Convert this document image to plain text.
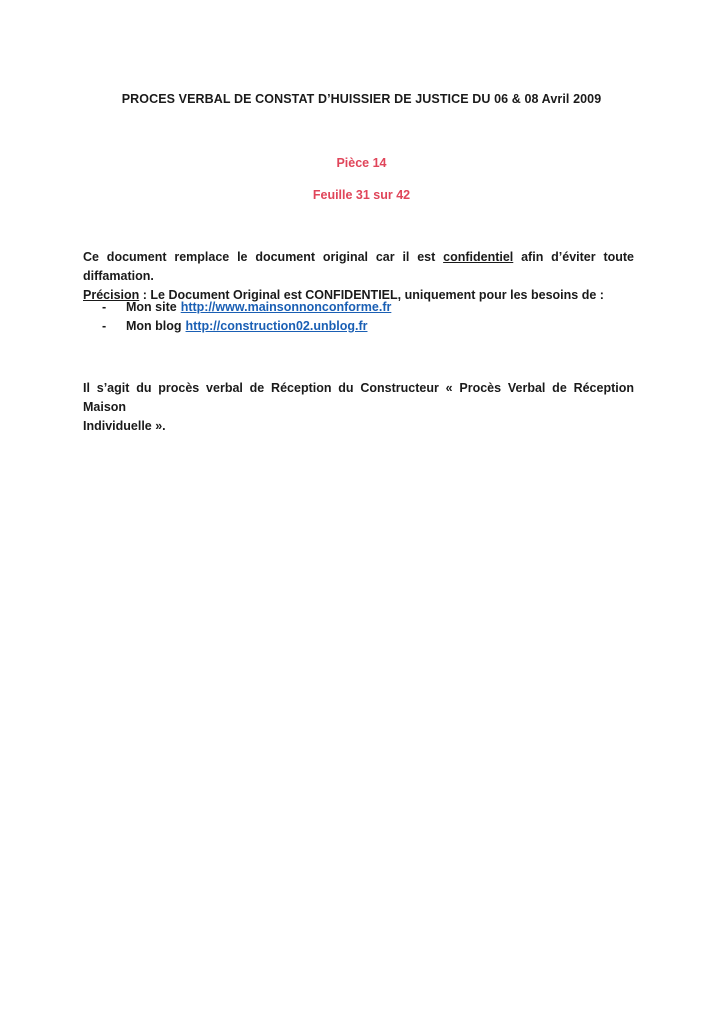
PROCES VERBAL DE CONSTAT D’HUISSIER DE JUSTICE DU 06 & 08 Avril 2009
Pièce 14
Feuille 31 sur 42
Ce document remplace le document original car il est confidentiel afin d’éviter toute diffamation.
Précision : Le Document Original est CONFIDENTIEL, uniquement pour les besoins de :
-	Mon site http://www.mainsonnonconforme.fr
-	Mon blog http://construction02.unblog.fr
Il s’agit du procès verbal de Réception du Constructeur « Procès Verbal de Réception Maison
Individuelle ».
